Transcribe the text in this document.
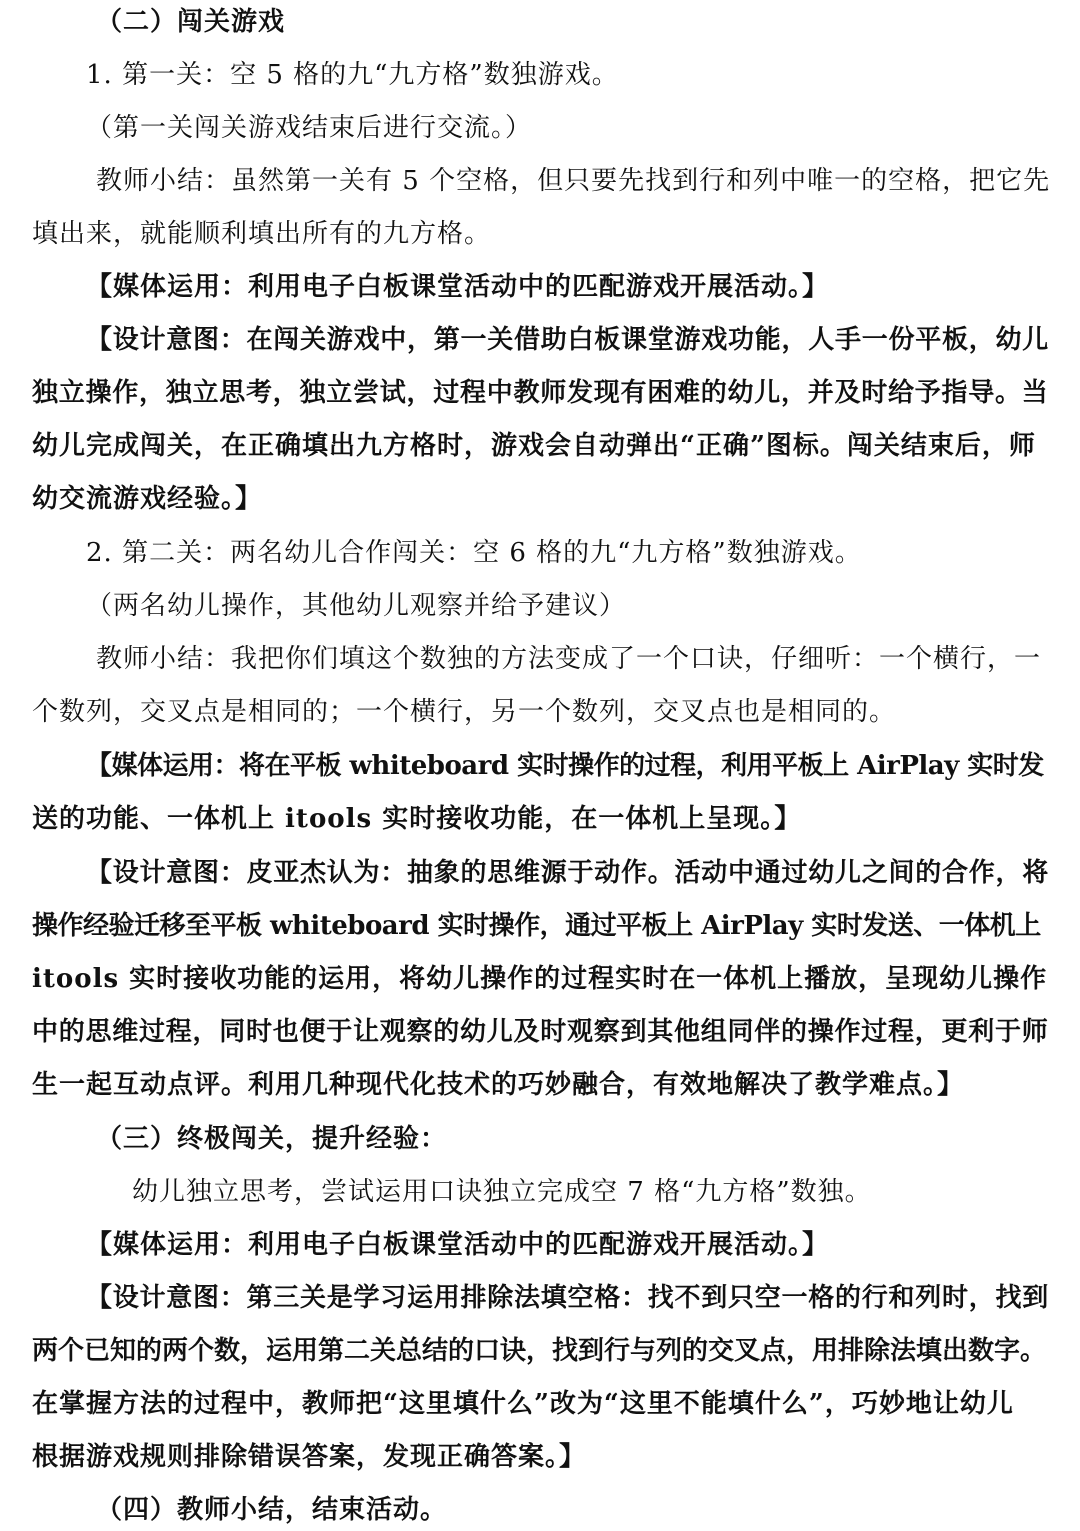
（二）闯关游戏
1. 第一关：空 5 格的九“九方格”数独游戏。
（第一关闯关游戏结束后进行交流。）
教师小结：虽然第一关有 5 个空格，但只要先找到行和列中唯一的空格，把它先
填出来，就能顺利填出所有的九方格。
【媒体运用：利用电子白板课堂活动中的匹配游戏开展活动。】
【设计意图：在闯关游戏中，第一关借助白板课堂游戏功能，人手一份平板，幼儿
独立操作，独立思考，独立尝试，过程中教师发现有困难的幼儿，并及时给予指导。当
幼儿完成闯关，在正确填出九方格时，游戏会自动弹出“正确”图标。闯关结束后，师
幼交流游戏经验。】
2. 第二关：两名幼儿合作闯关：空 6 格的九“九方格”数独游戏。
（两名幼儿操作，其他幼儿观察并给予建议）
教师小结：我把你们填这个数独的方法变成了一个口诀，仔细听：一个横行，一
个数列，交叉点是相同的；一个横行，另一个数列，交叉点也是相同的。
【媒体运用：将在平板 whiteboard 实时操作的过程，利用平板上 AirPlay 实时发
送的功能、一体机上 itools 实时接收功能，在一体机上呈现。】
【设计意图：皮亚杰认为：抽象的思维源于动作。活动中通过幼儿之间的合作，将
操作经验迁移至平板 whiteboard 实时操作，通过平板上 AirPlay 实时发送、一体机上
itools 实时接收功能的运用，将幼儿操作的过程实时在一体机上播放，呈现幼儿操作
中的思维过程，同时也便于让观察的幼儿及时观察到其他组同伴的操作过程，更利于师
生一起互动点评。利用几种现代化技术的巧妙融合，有效地解决了教学难点。】
（三）终极闯关，提升经验：
幼儿独立思考，尝试运用口诀独立完成空 7 格“九方格”数独。
【媒体运用：利用电子白板课堂活动中的匹配游戏开展活动。】
【设计意图：第三关是学习运用排除法填空格：找不到只空一格的行和列时，找到
两个已知的两个数，运用第二关总结的口诀，找到行与列的交叉点，用排除法填出数字。
在掌握方法的过程中，教师把“这里填什么”改为“这里不能填什么”，巧妙地让幼儿
根据游戏规则排除错误答案，发现正确答案。】
（四）教师小结，结束活动。
